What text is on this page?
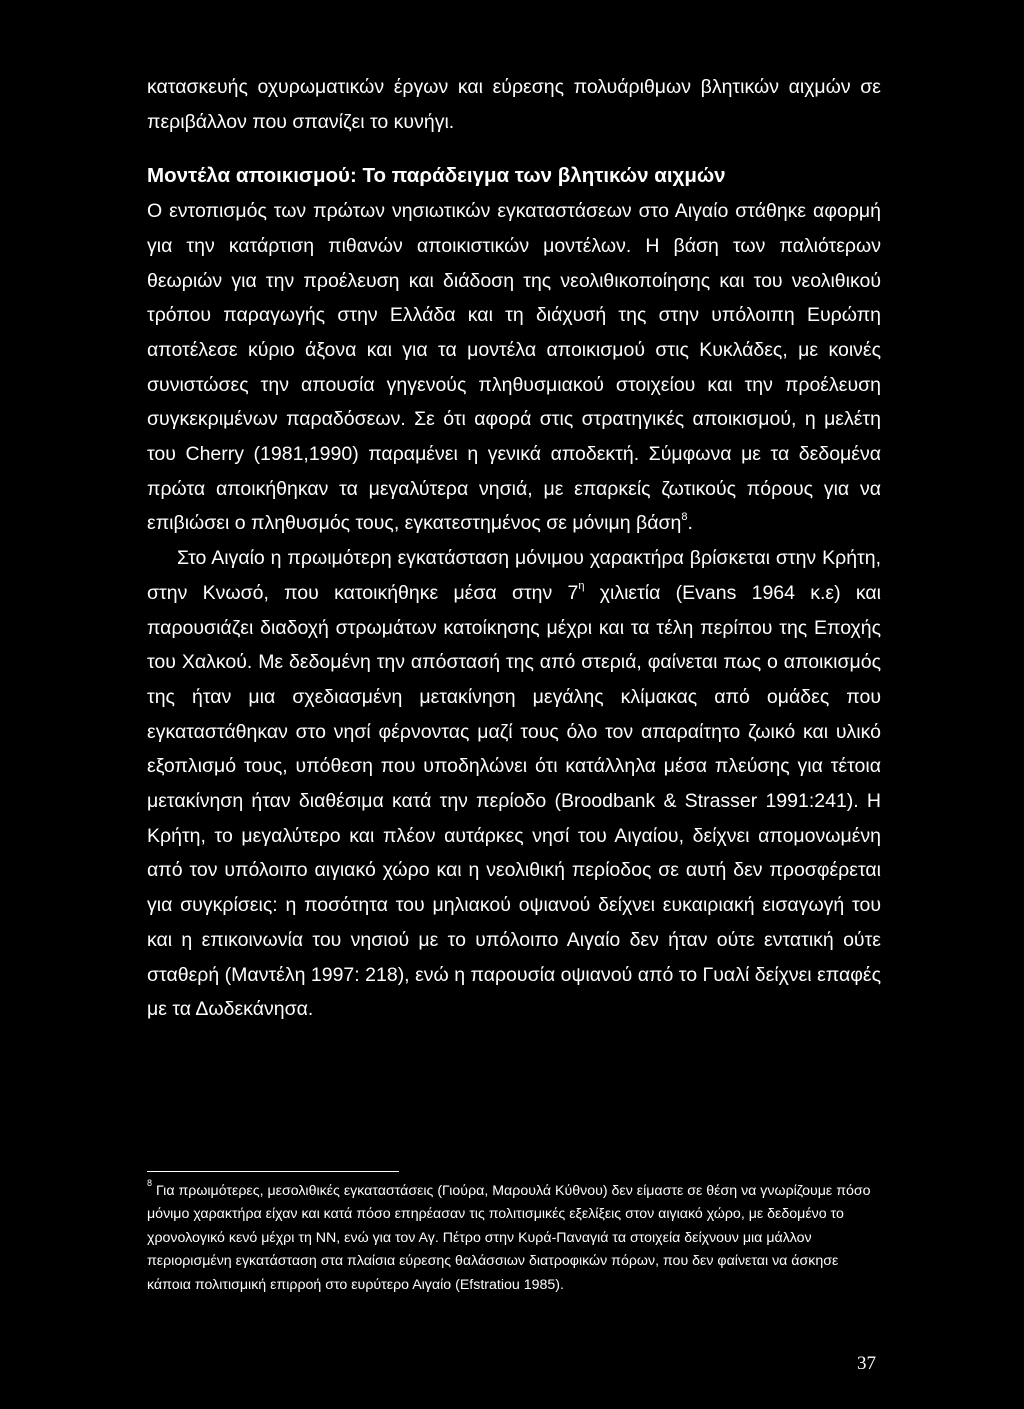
κατασκευής οχυρωματικών έργων και εύρεσης πολυάριθμων βλητικών αιχμών σε περιβάλλον που σπανίζει το κυνήγι.

Μοντέλα αποικισμού: Το παράδειγμα των βλητικών αιχμών

Ο εντοπισμός των πρώτων νησιωτικών εγκαταστάσεων στο Αιγαίο στάθηκε αφορμή για την κατάρτιση πιθανών αποικιστικών μοντέλων. Η βάση των παλιότερων θεωριών για την προέλευση και διάδοση της νεολιθικοποίησης και του νεολιθικού τρόπου παραγωγής στην Ελλάδα και τη διάχυσή της στην υπόλοιπη Ευρώπη αποτέλεσε κύριο άξονα και για τα μοντέλα αποικισμού στις Κυκλάδες, με κοινές συνιστώσες την απουσία γηγενούς πληθυσμιακού στοιχείου και την προέλευση συγκεκριμένων παραδόσεων. Σε ότι αφορά στις στρατηγικές αποικισμού, η μελέτη του Cherry (1981,1990) παραμένει η γενικά αποδεκτή. Σύμφωνα με τα δεδομένα πρώτα αποικήθηκαν τα μεγαλύτερα νησιά, με επαρκείς ζωτικούς πόρους για να επιβιώσει ο πληθυσμός τους, εγκατεστημένος σε μόνιμη βάση$^8$.

Στο Αιγαίο η πρωιμότερη εγκατάσταση μόνιμου χαρακτήρα βρίσκεται στην Κρήτη, στην Κνωσό, που κατοικήθηκε μέσα στην $7^\eta$ χιλιετία (Evans 1964 κ.ε) και παρουσιάζει διαδοχή στρωμάτων κατοίκησης μέχρι και τα τέλη περίπου της Εποχής του Χαλκού. Με δεδομένη την απόστασή της από στεριά, φαίνεται πως ο αποικισμός της ήταν μια σχεδιασμένη μετακίνηση μεγάλης κλίμακας από ομάδες που εγκαταστάθηκαν στο νησί φέρνοντας μαζί τους όλο τον απαραίτητο ζωικό και υλικό εξοπλισμό τους, υπόθεση που υποδηλώνει ότι κατάλληλα μέσα πλεύσης για τέτοια μετακίνηση ήταν διαθέσιμα κατά την περίοδο (Broodbank & Strasser 1991:241). Η Κρήτη, το μεγαλύτερο και πλέον αυτάρκες νησί του Αιγαίου, δείχνει απομονωμένη από τον υπόλοιπο αιγιακό χώρο και η νεολιθική περίοδος σε αυτή δεν προσφέρεται για συγκρίσεις: η ποσότητα του μηλιακού οψιανού δείχνει ευκαιριακή εισαγωγή του και η επικοινωνία του νησιού με το υπόλοιπο Αιγαίο δεν ήταν ούτε εντατική ούτε σταθερή (Μαντέλη 1997: 218), ενώ η παρουσία οψιανού από το Γυαλί δείχνει επαφές με τα Δωδεκάνησα.

$^8$ Για πρωιμότερες, μεσολιθικές εγκαταστάσεις (Γιούρα, Μαρουλά Κύθνου) δεν είμαστε σε θέση να γνωρίζουμε πόσο μόνιμο χαρακτήρα είχαν και κατά πόσο επηρέασαν τις πολιτισμικές εξελίξεις στον αιγιακό χώρο, με δεδομένο το χρονολογικό κενό μέχρι τη ΝΝ, ενώ για τον Αγ. Πέτρο στην Κυρά-Παναγιά τα στοιχεία δείχνουν μια μάλλον περιορισμένη εγκατάσταση στα πλαίσια εύρεσης θαλάσσιων διατροφικών πόρων, που δεν φαίνεται να άσκησε κάποια πολιτισμική επιρροή στο ευρύτερο Αιγαίο (Efstratiou 1985).

37
